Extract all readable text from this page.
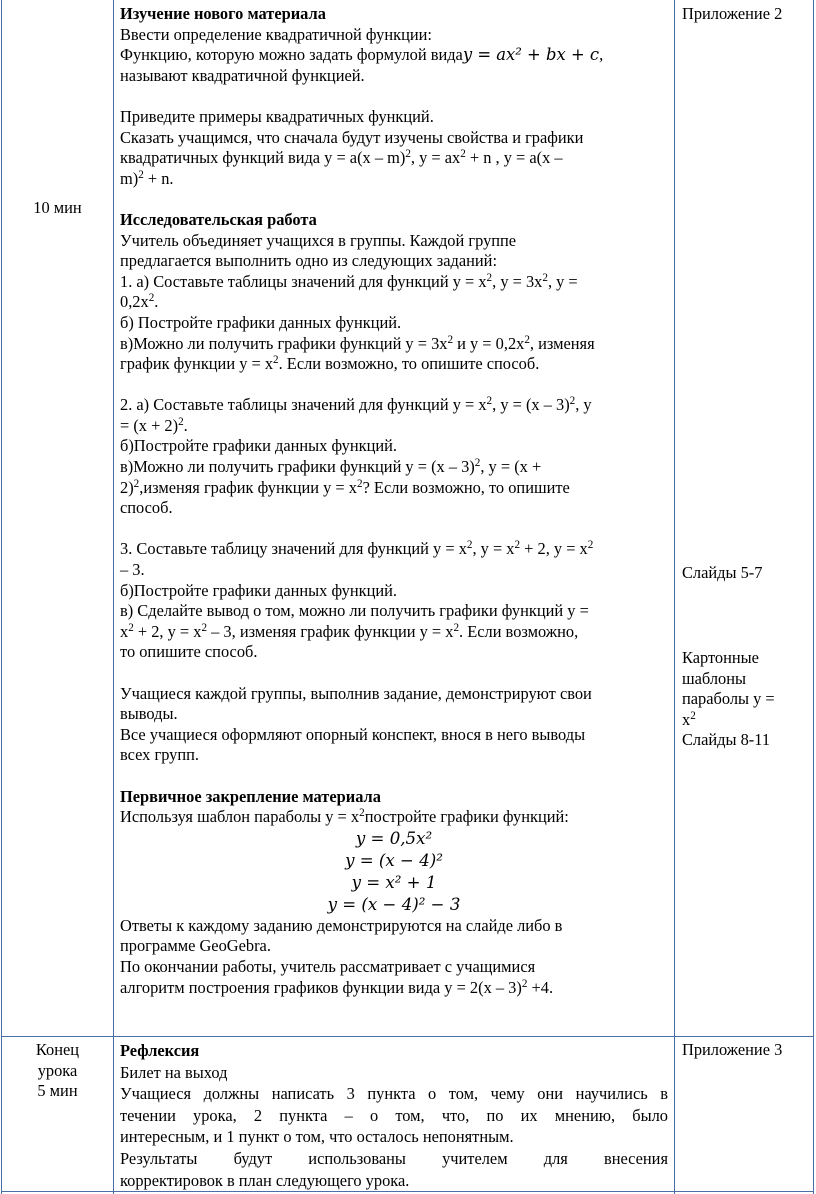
10 мин

Изучение нового материала

Ввести определение квадратичной функции:

Функцию, которую можно задать формулой видаy = ax² + bx + c,

называют квадратичной функцией.

Приведите примеры квадратичных функций.

Сказать учащимся, что сначала будут изучены свойства и графики

квадратичных функций вида y = a(x – m)$^2$, $y = ax^2 + n$ , y = a(x –

m)$^2$ + n.

Исследовательская работа

Учитель объединяет учащихся в группы. Каждой группе

предлагается выполнить одно из следующих заданий:

1. а) Составьте таблицы значений для функций $y = x^2$, $y = 3x^2$, y =

$0,2x^2$.

б) Постройте графики данных функций.

в)Можно ли получить графики функций $y = 3x^2$ и $y = 0,2x^2$, изменяя

график функции $y = x^2$. Если возможно, то опишите способ.

2. а) Составьте таблицы значений для функций $y = x^2$, y = (x – 3)$^2$, y

= $(x + 2)^2$.

б)Постройте графики данных функций.

в)Можно ли получить графики функций y = (x – 3)$^2$, y = (x +

2)$^2$,изменяя график функции $y = x^2$? Если возможно, то опишите

способ.

3. Составьте таблицу значений для функций $y = x^2$, $y = x^2 + 2$, $y = x^2$

– 3.

б)Постройте графики данных функций.

в) Сделайте вывод о том, можно ли получить графики функций y =

$x^2 + 2$, $y = x^2 - 3$, изменяя график функции $y = x^2$. Если возможно,

то опишите способ.

Учащиеся каждой группы, выполнив задание, демонстрируют свои

выводы.

Все учащиеся оформляют опорный конспект, внося в него выводы

всех групп.

Первичное закрепление материала

Используя шаблон параболы $y = x^2постройте$ графики функций:

y = 0,5x²

y = (x − 4)²

y = x² + 1

y = (x − 4)² − 3

Ответы к каждому заданию демонстрируются на слайде либо в

программе GeoGebra.

По окончании работы, учитель рассматривает с учащимися

алгоритм построения графиков функции вида y = 2(x – 3)$^2$ +4.

Приложение 2

Слайды 5-7

Картонные

шаблоны

параболы y =

$x^2$

Слайды 8-11

Конец

урока

5 мин

Рефлексия

Билет на выход

Учащиеся должны написать 3 пункта о том, чему они научились в

течении урока, 2 пункта – о том, что, по их мнению, было

интересным, и 1 пункт о том, что осталось непонятным.

Результаты будут использованы учителем для внесения

корректировок в план следующего урока.

Приложение 3
